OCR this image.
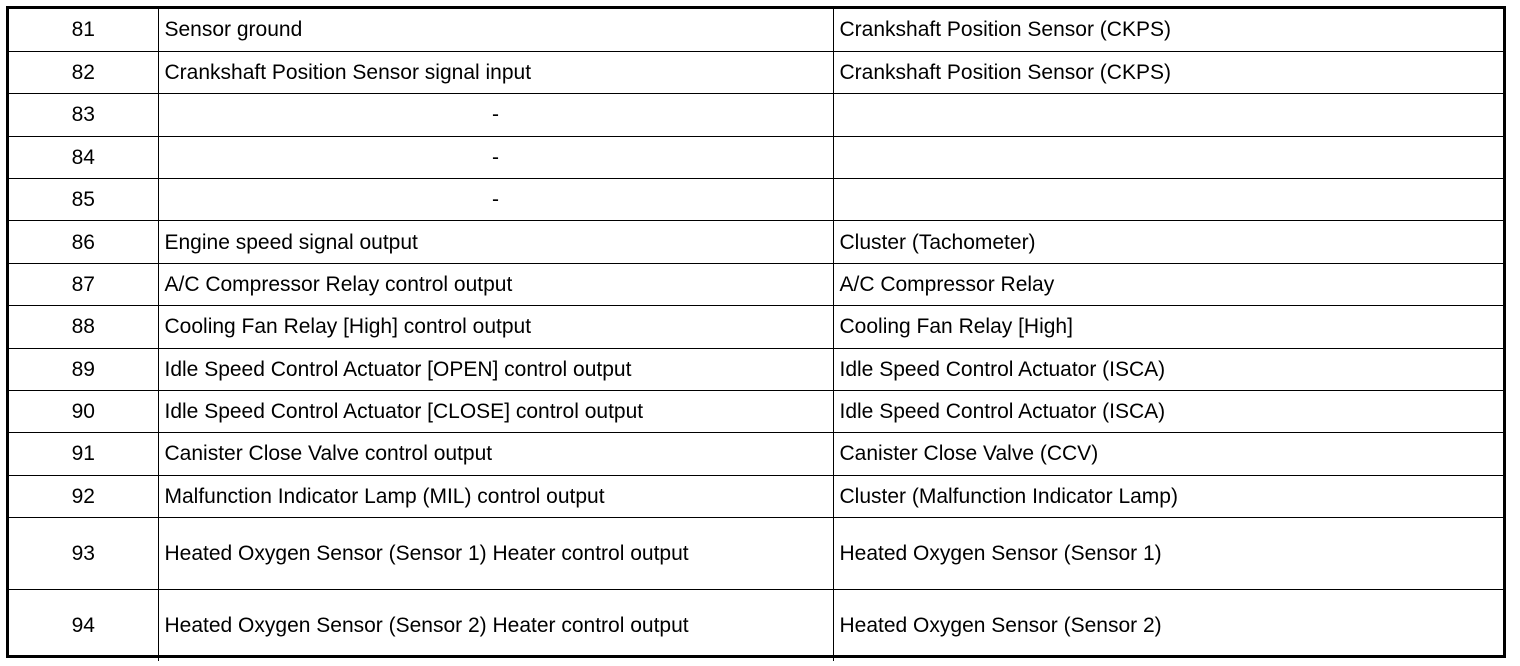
81	Sensor ground	Crankshaft Position Sensor (CKPS)
82	Crankshaft Position Sensor signal input	Crankshaft Position Sensor (CKPS)
83	-	
84	-	
85	-	
86	Engine speed signal output	Cluster (Tachometer)
87	A/C Compressor Relay control output	A/C Compressor Relay
88	Cooling Fan Relay [High] control output	Cooling Fan Relay [High]
89	Idle Speed Control Actuator [OPEN] control output	Idle Speed Control Actuator (ISCA)
90	Idle Speed Control Actuator [CLOSE] control output	Idle Speed Control Actuator (ISCA)
91	Canister Close Valve control output	Canister Close Valve (CCV)
92	Malfunction Indicator Lamp (MIL) control output	Cluster (Malfunction Indicator Lamp)
93	Heated Oxygen Sensor (Sensor 1) Heater control output	Heated Oxygen Sensor (Sensor 1)
94	Heated Oxygen Sensor (Sensor 2) Heater control output	Heated Oxygen Sensor (Sensor 2)
